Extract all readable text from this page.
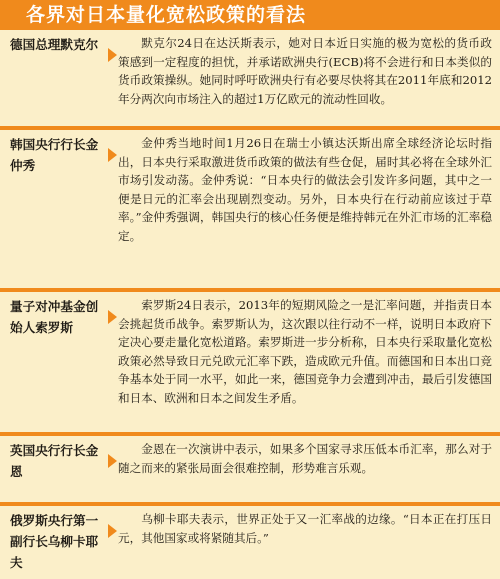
各界对日本量化宽松政策的看法
德国总理默克尔	默克尔24日在达沃斯表示，她对日本近日实施的极为宽松的货币政策感到一定程度的担忧，并承诺欧洲央行(ECB)将不会进行和日本类似的货币政策操纵。她同时呼吁欧洲央行有必要尽快将其在2011年底和2012年分两次向市场注入的超过1万亿欧元的流动性回收。
韩国央行行长金仲秀
金仲秀当地时间1月26日在瑞士小镇达沃斯出席全球经济论坛时指出，日本央行采取激进货币政策的做法有些仓促，届时其必将在全球外汇市场引发动荡。金仲秀说：“日本央行的做法会引发许多问题，其中之一便是日元的汇率会出现剧烈变动。另外，日本央行在行动前应该过于草率。”金仲秀强调，韩国央行的核心任务便是维持韩元在外汇市场的汇率稳定。
量子对冲基金创始人索罗斯
索罗斯24日表示，2013年的短期风险之一是汇率问题，并指责日本会挑起货币战争。索罗斯认为，这次跟以往行动不一样，说明日本政府下定决心要走量化宽松道路。索罗斯进一步分析称，日本央行采取量化宽松政策必然导致日元兑欧元汇率下跌，造成欧元升值。而德国和日本出口竞争基本处于同一水平，如此一来，德国竞争力会遭到冲击，最后引发德国和日本、欧洲和日本之间发生矛盾。
英国央行行长金恩
金恩在一次演讲中表示，如果多个国家寻求压低本币汇率，那么对于随之而来的紧张局面会很难控制，形势难言乐观。
俄罗斯央行第一副行长乌柳卡耶夫
乌柳卡耶夫表示，世界正处于又一汇率战的边缘。“日本正在打压日元，其他国家或将紧随其后。”
